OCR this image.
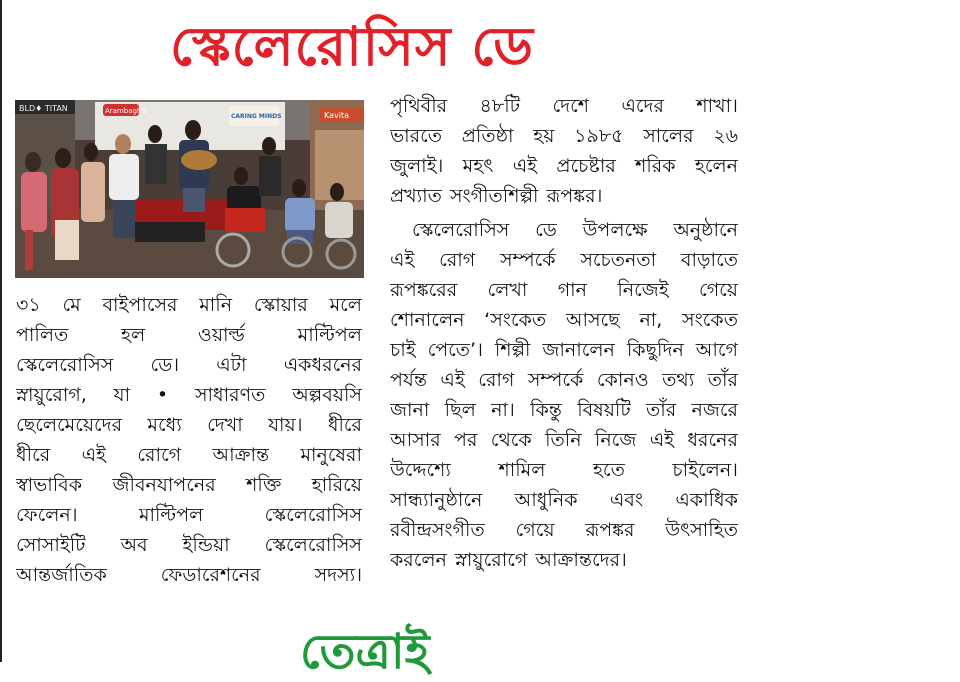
স্কেলেরোসিস ডে
BLD♦ TITAN	Arambagh's
CARING MINDS	Kavita
৩১ মে বাইপাসের মানি স্কোয়ার মলে
পালিত	হল	ওয়ার্ল্ড	মাল্টিপল
স্কেলেরোসিস ডে। এটা একধরনের
স্নায়ুরোগ, যা • সাধারণত অল্পবয়সি
ছেলেমেয়েদের মধ্যে দেখা যায়। ধীরে
ধীরে এই রোগে আক্রান্ত মানুষেরা
স্বাভাবিক জীবনযাপনের শক্তি হারিয়ে
ফেলেন।	মাল্টিপল	স্কেলেরোসিস
সোসাইটি অব ইন্ডিয়া স্কেলেরোসিস
আন্তর্জাতিক	ফেডারেশনের	সদস্য।
পৃথিবীর ৪৮টি দেশে এদের শাখা।
ভারতে প্রতিষ্ঠা হয় ১৯৮৫ সালের ২৬
জুলাই। মহৎ এই প্রচেষ্টার শরিক হলেন
প্রখ্যাত সংগীতশিল্পী রূপঙ্কর।
স্কেলেরোসিস ডে উপলক্ষে অনুষ্ঠানে
এই রোগ সম্পর্কে সচেতনতা বাড়াতে
রূপঙ্করের লেখা গান নিজেই গেয়ে
শোনালেন ‘সংকেত আসছে না, সংকেত
চাই পেতে’। শিল্পী জানালেন কিছুদিন আগে
পর্যন্ত এই রোগ সম্পর্কে কোনও তথ্য তাঁর
জানা ছিল না। কিন্তু বিষয়টি তাঁর নজরে
আসার পর থেকে তিনি নিজে এই ধরনের
উদ্দেশ্যে	শামিল	হতে	চাইলেন।
সান্ধ্যানুষ্ঠানে আধুনিক এবং একাধিক
রবীন্দ্রসংগীত গেয়ে রূপঙ্কর উৎসাহিত
করলেন স্নায়ুরোগে আক্রান্তদের।
তেত্রাই
